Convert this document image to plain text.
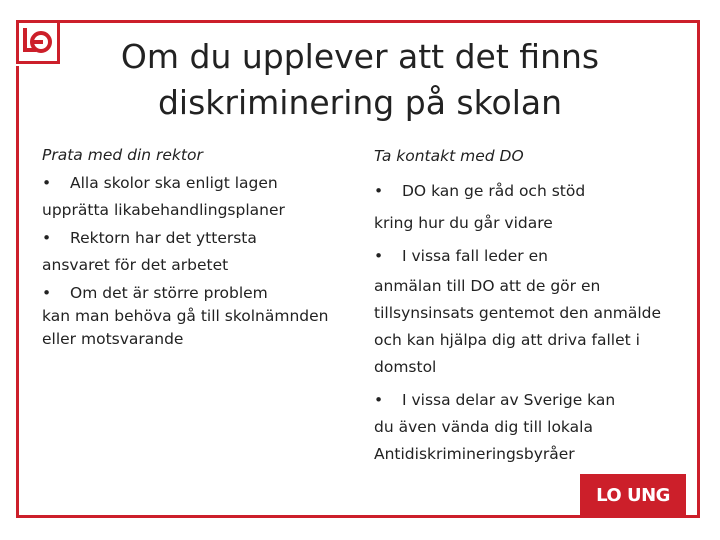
Om du upplever att det finns
diskriminering på skolan

Prata med din rektor

• Alla skolor ska enligt lagen
upprätta likabehandlingsplaner

• Rektorn har det yttersta
ansvaret för det arbetet

• Om det är större problem
kan man behöva gå till skolnämnden eller motsvarande

Ta kontakt med DO

• DO kan ge råd och stöd
kring hur du går vidare

• I vissa fall leder en
anmälan till DO att de gör en tillsynsinsats gentemot den anmälde och kan hjälpa dig att driva fallet i domstol

• I vissa delar av Sverige kan
du även vända dig till lokala Antidiskrimineringsbyråer

LO UNG
